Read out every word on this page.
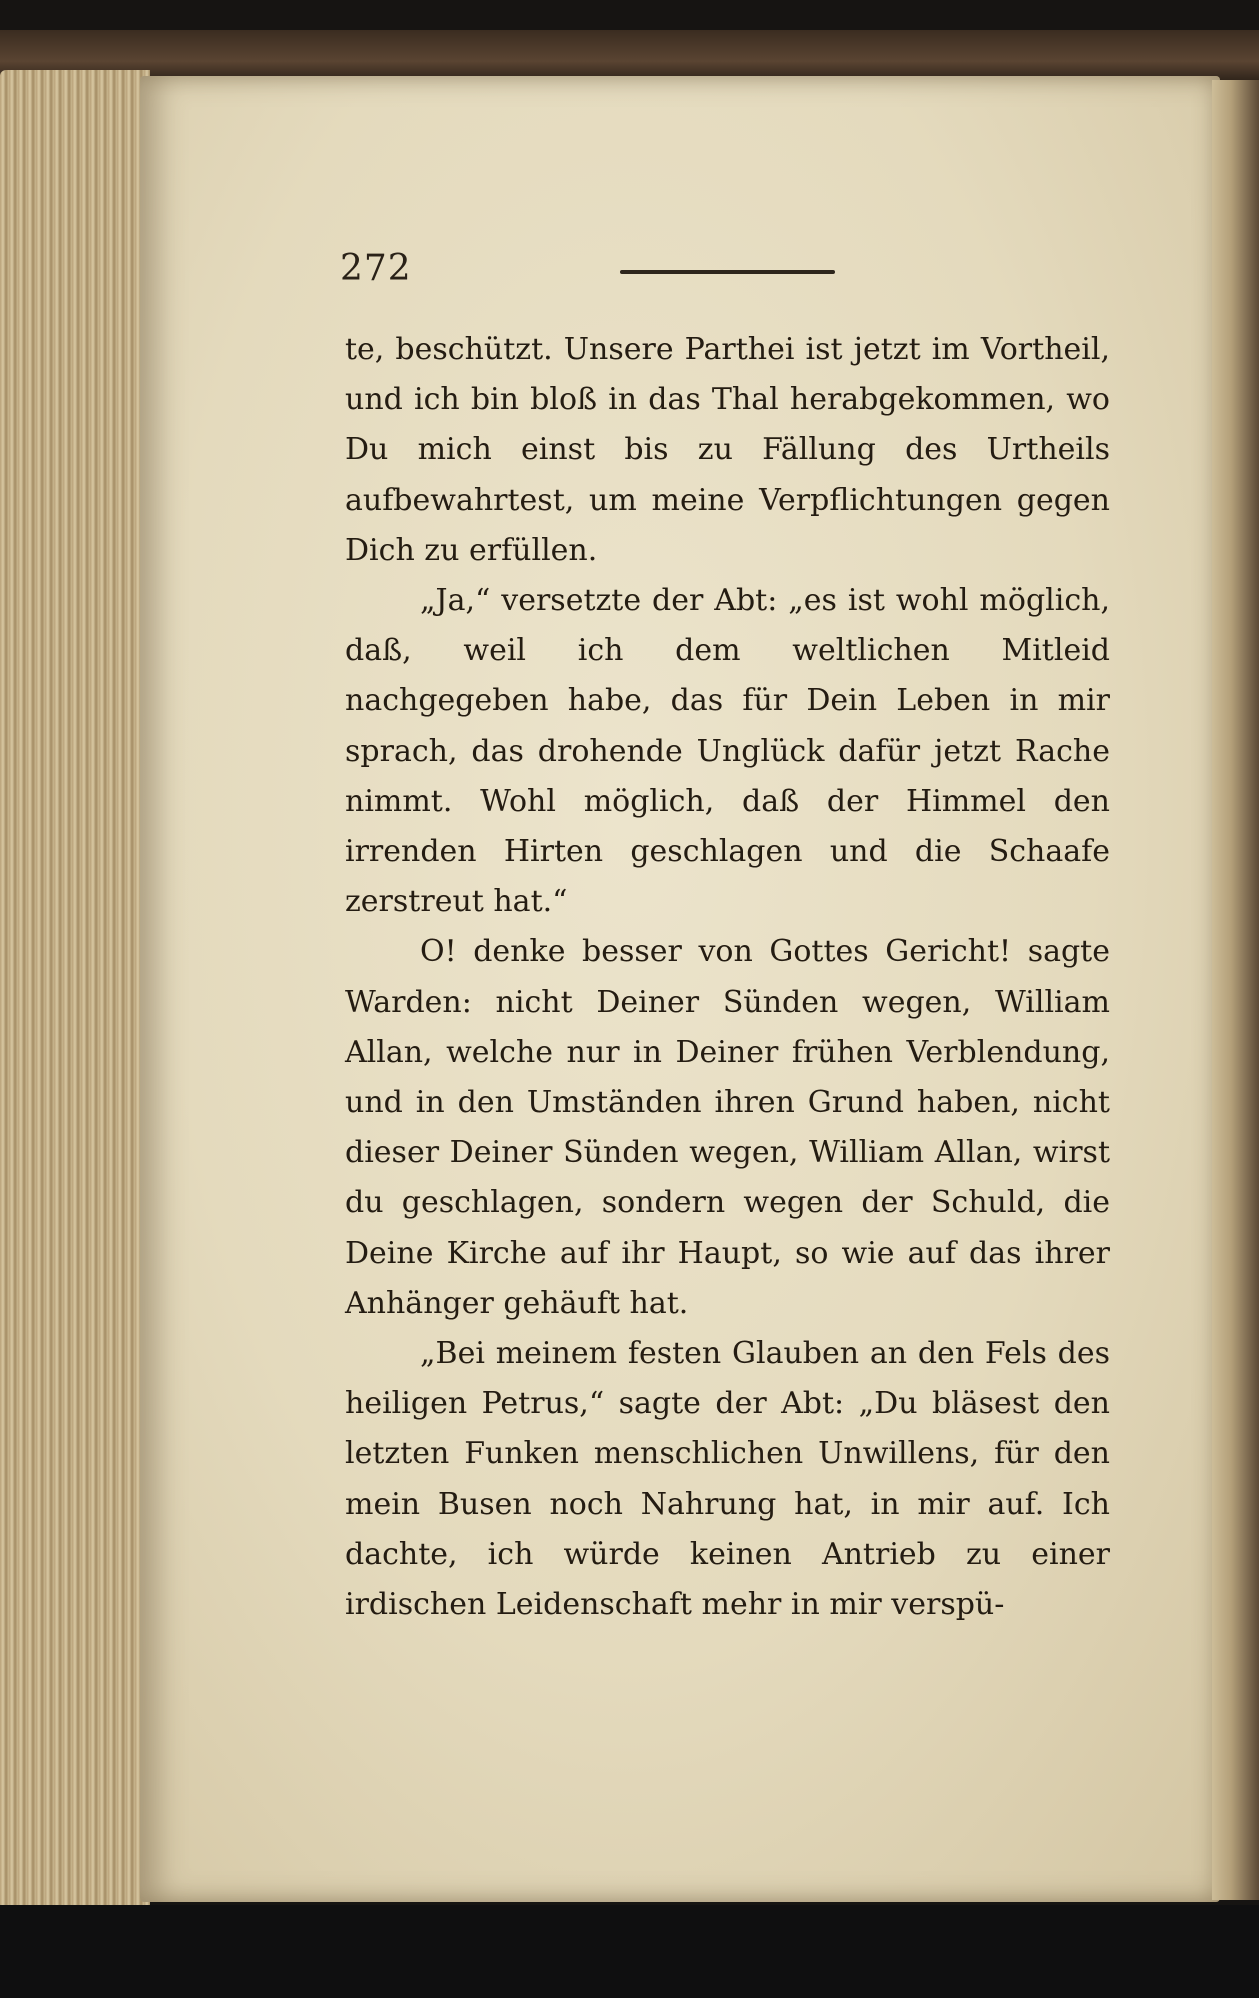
272

te, beschützt. Unsere Parthei ist jetzt im Vortheil, und ich bin bloß in das Thal herabgekommen, wo Du mich einst bis zu Fällung des Urtheils aufbewahrtest, um meine Verpflichtungen gegen Dich zu erfüllen.

„Ja,“ versetzte der Abt: „es ist wohl möglich, daß, weil ich dem weltlichen Mitleid nachgegeben habe, das für Dein Leben in mir sprach, das drohende Unglück dafür jetzt Rache nimmt. Wohl möglich, daß der Himmel den irrenden Hirten geschlagen und die Schaafe zerstreut hat.“

O! denke besser von Gottes Gericht! sagte Warden: nicht Deiner Sünden wegen, William Allan, welche nur in Deiner frühen Verblendung, und in den Umständen ihren Grund haben, nicht dieser Deiner Sünden wegen, William Allan, wirst du geschlagen, sondern wegen der Schuld, die Deine Kirche auf ihr Haupt, so wie auf das ihrer Anhänger gehäuft hat.

„Bei meinem festen Glauben an den Fels des heiligen Petrus,“ sagte der Abt: „Du bläsest den letzten Funken menschlichen Unwillens, für den mein Busen noch Nahrung hat, in mir auf. Ich dachte, ich würde keinen Antrieb zu einer irdischen Leidenschaft mehr in mir verspü-
